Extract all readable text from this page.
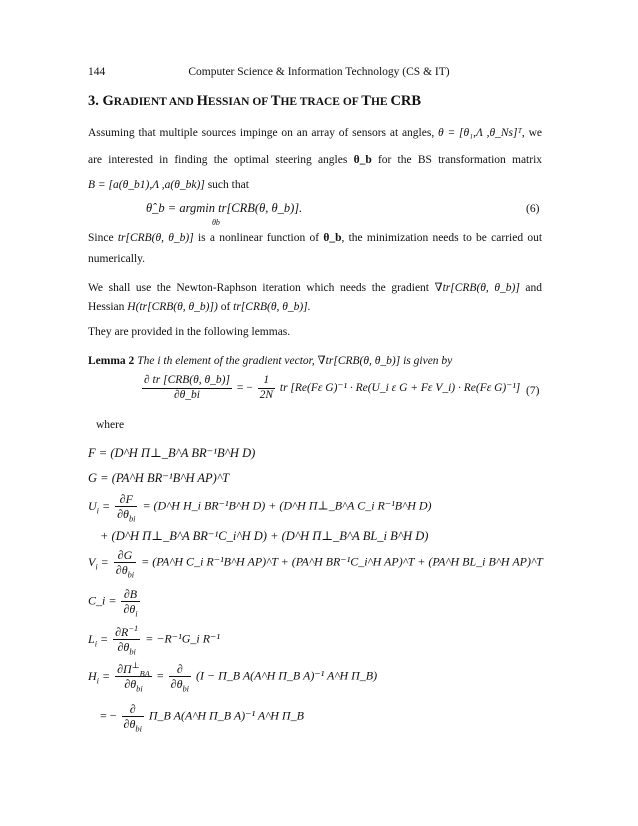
144	Computer Science & Information Technology (CS & IT)
3. GRADIENT AND HESSIAN OF THE TRACE OF THE CRB
Assuming that multiple sources impinge on an array of sensors at angles, θ = [θ₁,Λ ,θ_Ns]ᵀ, we
are interested in finding the optimal steering angles θ_b for the BS transformation matrix
B = [a(θ_b1),Λ ,a(θ_bk)] such that
θ̂_b = argmin tr[CRB(θ, θ_b)].
θb
(6)
Since tr[CRB(θ, θ_b)] is a nonlinear function of θ_b, the minimization needs to be carried out
numerically.
We shall use the Newton-Raphson iteration which needs the gradient ∇tr[CRB(θ, θ_b)] and
Hessian H(tr[CRB(θ, θ_b)]) of tr[CRB(θ, θ_b)].
They are provided in the following lemmas.
Lemma 2 The i th element of the gradient vector, ∇tr[CRB(θ, θ_b)] is given by
$\frac{\text{∂ tr [CRB(θ, θ\_b)]}}{\partial\theta\_bi}$ = − $\frac{1}{2N}$ tr [Re(Fε G)⁻¹ · Re(U_i ε G + Fε V_i) · Re(Fε G)⁻¹] (7)
where
F = (D^H Π⊥_B^A BR⁻¹B^H D)
G = (PA^H BR⁻¹B^H AP)^T
$U_i = \frac{\partial F}{\partial\theta_{bi}}$ = (D^H H_i BR⁻¹B^H D) + (D^H Π⊥_B^A C_i R⁻¹B^H D)
+ (D^H Π⊥_B^A BR⁻¹C_i^H D) + (D^H Π⊥_B^A BL_i B^H D)
$V_i = \frac{\partial G}{\partial\theta_{bi}}$ = (PA^H C_i R⁻¹B^H AP)^T + (PA^H BR⁻¹C_i^H AP)^T + (PA^H BL_i B^H AP)^T
C_i = $\frac{\partial B}{\partial\theta_i}$
$L_i = \frac{\partial R^{-1}}{\partial\theta_{bi}}$ = −R⁻¹G_i R⁻¹
$H_i = \frac{\partial\Pi^\perp_{BA}}{\partial\theta_{bi}} = \frac{\partial}{\partial\theta_{bi}} (I$ − Π_B A(A^H Π_B A)⁻¹ A^H Π_B)
= − $\frac{\partial}{\partial\theta_{bi}}$ Π_B A(A^H Π_B A)⁻¹ A^H Π_B
